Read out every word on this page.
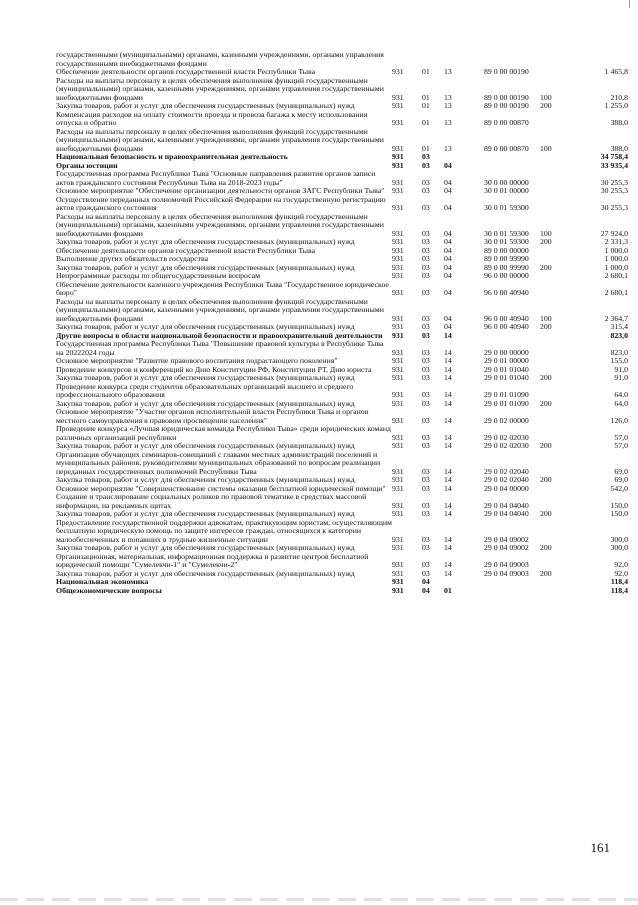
государственными (муниципальными) органами, казенными учреждениями, органами управления государственными внебюджетными фондами						
Обеспечение деятельности органов государственной власти Республики Тыва	931	01	13	89 0 00 00190		1 465,8
Расходы на выплаты персоналу в целях обеспечения выполнения функций государственными (муниципальными) органами, казенными учреждениями, органами управления государственными внебюджетными фондами	931	01	13	89 0 00 00190	100	210,8
Закупка товаров, работ и услуг для обеспечения государственных (муниципальных) нужд	931	01	13	89 0 00 00190	200	1 255,0
Компенсация расходов на оплату стоимости проезда и провоза багажа к месту использования отпуска и обратно	931	01	13	89 0 00 00870		388,0
Расходы на выплаты персоналу в целях обеспечения выполнения функций государственными (муниципальными) органами, казенными учреждениями, органами управления государственными внебюджетными фондами	931	01	13	89 0 00 00870	100	388,0
Национальная безопасность и правоохранительная деятельность	931	03				34 758,4
Органы юстиции	931	03	04			33 935,4
Государственная программа Республики Тыва "Основные направления развития органов записи актов гражданского состояния Республики Тыва на 2018-2023 годы"	931	03	04	30 0 00 00000		30 255,3
Основное мероприятие "Обеспечение организации деятельности органов ЗАГС Республики Тыва"	931	03	04	30 0 01 00000		30 255,3
Осуществление переданных полномочий Российской Федерации на государственную регистрацию актов гражданского состояния	931	03	04	30 0 01 59300		30 255,3
Расходы на выплаты персоналу в целях обеспечения выполнения функций государственными (муниципальными) органами, казенными учреждениями, органами управления государственными внебюджетными фондами	931	03	04	30 0 01 59300	100	27 924,0
Закупка товаров, работ и услуг для обеспечения государственных (муниципальных) нужд	931	03	04	30 0 01 59300	200	2 331,3
Обеспечение деятельности органов государственной власти Республики Тыва	931	03	04	89 0 00 00000		1 000,0
Выполнение других обязательств государства	931	03	04	89 0 00 99990		1 000,0
Закупка товаров, работ и услуг для обеспечения государственных (муниципальных) нужд	931	03	04	89 0 00 99990	200	1 000,0
Непрограммные расходы по общегосударственным вопросам	931	03	04	96 0 00 00000		2 680,1
Обеспечение деятельности казенного учреждения Республики Тыва "Государственное юридическое бюро"	931	03	04	96 0 00 40940		2 680,1
Расходы на выплаты персоналу в целях обеспечения выполнения функций государственными (муниципальными) органами, казенными учреждениями, органами управления государственными внебюджетными фондами	931	03	04	96 0 00 40940	100	2 364,7
Закупка товаров, работ и услуг для обеспечения государственных (муниципальных) нужд	931	03	04	96 0 00 40940	200	315,4
Другие вопросы в области национальной безопасности и правоохранительной деятельности	931	03	14			823,0
Государственная программа Республики Тыва "Повышение правовой культуры в Республике Тыва на 20222024 годы	931	03	14	29 0 00 00000		823,0
Основное мероприятие "Развитие правового воспитания подрастающего поколения"	931	03	14	29 0 01 00000		155,0
Проведение конкурсов и конференций ко Дню Конституции РФ, Конституции РТ, Дню юриста	931	03	14	29 0 01 01040		91,0
Закупка товаров, работ и услуг для обеспечения государственных (муниципальных) нужд	931	03	14	29 0 01 01040	200	91,0
Проведение конкурса среди студентов образовательных организаций высшего и среднего профессионального образования	931	03	14	29 0 01 01090		64,0
Закупка товаров, работ и услуг для обеспечения государственных (муниципальных) нужд	931	03	14	29 0 01 01090	200	64,0
Основное мероприятие "Участие органов исполнительной власти Республики Тыва и органов местного самоуправления в правовом просвещении населения"	931	03	14	29 0 02 00000		126,0
Проведение конкурса «Лучшая юридическая команда Республики Тыва» среди юридических команд различных организаций республики	931	03	14	29 0 02 02030		57,0
Закупка товаров, работ и услуг для обеспечения государственных (муниципальных) нужд	931	03	14	29 0 02 02030	200	57,0
Организация обучающих семинаров-совещаний с главами местных администраций поселений и муниципальных районов, руководителями муниципальных образований по вопросам реализации переданных государственных полномочий Республики Тыва	931	03	14	29 0 02 02040		69,0
Закупка товаров, работ и услуг для обеспечения государственных (муниципальных) нужд	931	03	14	29 0 02 02040	200	69,0
Основное мероприятие "Совершенствование системы оказания бесплатной юридической помощи"	931	03	14	29 0 04 00000		542,0
Создание и транслирование социальных роликов по правовой тематике в средствах массовой информации, на рекламных щитах	931	03	14	29 0 04 04040		150,0
Закупка товаров, работ и услуг для обеспечения государственных (муниципальных) нужд	931	03	14	29 0 04 04040	200	150,0
Предоставление государственной поддержки адвокатам, практикующим юристам, осуществляющим бесплатную юридическую помощь по защите интересов граждан, относящихся к категории малообеспеченных и попавших в трудные жизненные ситуации	931	03	14	29 0 04 09002		300,0
Закупка товаров, работ и услуг для обеспечения государственных (муниципальных) нужд	931	03	14	29 0 04 09002	200	300,0
Организационная, материальная, информационная поддержка и развитие центров бесплатной юридической помощи "Сумелекчи-1" и "Сумелекчи-2"	931	03	14	29 0 04 09003		92,0
Закупка товаров, работ и услуг для обеспечения государственных (муниципальных) нужд	931	03	14	29 0 04 09003	200	92,0
Национальная экономика	931	04				118,4
Общеэкономические вопросы	931	04	01			118,4
161
